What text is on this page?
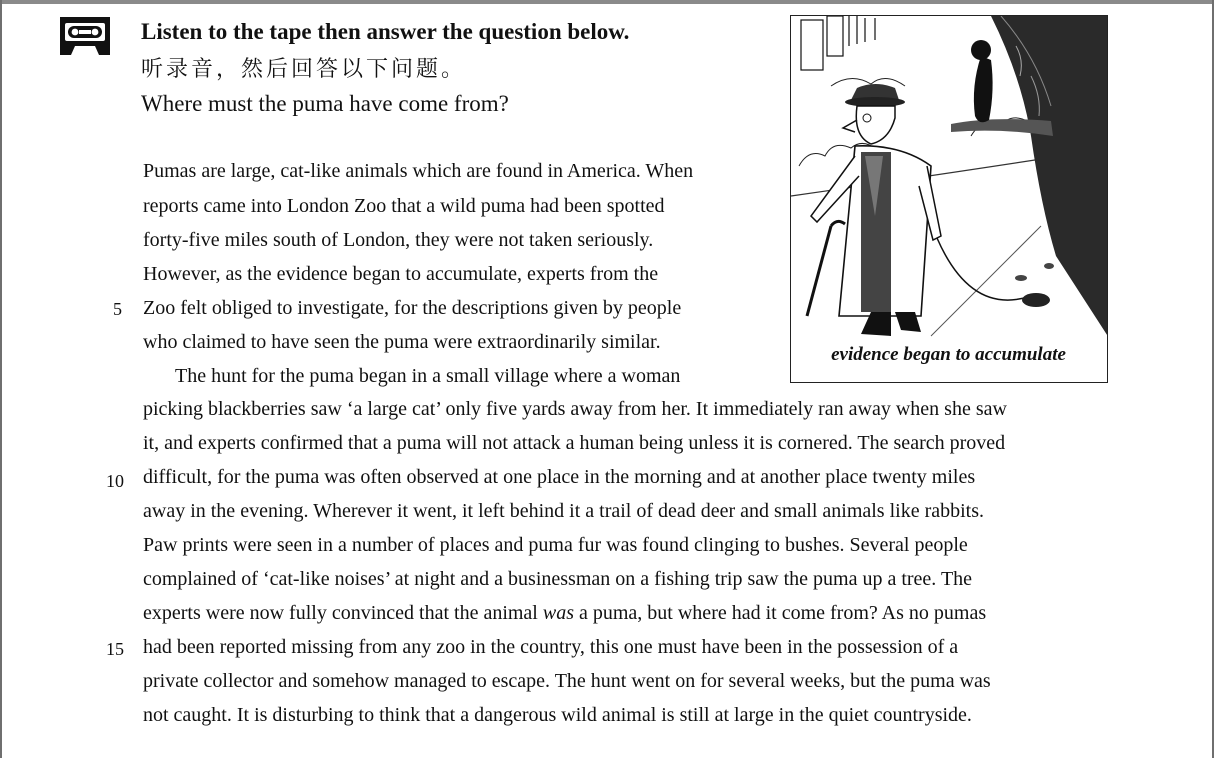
Listen to the tape then answer the question below.
听录音，然后回答以下问题。
Where must the puma have come from?
evidence began to accumulate
Pumas are large, cat-like animals which are found in America. When
reports came into London Zoo that a wild puma had been spotted
forty-five miles south of London, they were not taken seriously.
However, as the evidence began to accumulate, experts from the
Zoo felt obliged to investigate, for the descriptions given by people
who claimed to have seen the puma were extraordinarily similar.
The hunt for the puma began in a small village where a woman
picking blackberries saw ‘a large cat’ only five yards away from her. It immediately ran away when she saw
it, and experts confirmed that a puma will not attack a human being unless it is cornered. The search proved
difficult, for the puma was often observed at one place in the morning and at another place twenty miles
away in the evening. Wherever it went, it left behind it a trail of dead deer and small animals like rabbits.
Paw prints were seen in a number of places and puma fur was found clinging to bushes. Several people
complained of ‘cat-like noises’ at night and a businessman on a fishing trip saw the puma up a tree. The
experts were now fully convinced that the animal was a puma, but where had it come from? As no pumas
had been reported missing from any zoo in the country, this one must have been in the possession of a
private collector and somehow managed to escape. The hunt went on for several weeks, but the puma was
not caught. It is disturbing to think that a dangerous wild animal is still at large in the quiet countryside.
5
10
15
